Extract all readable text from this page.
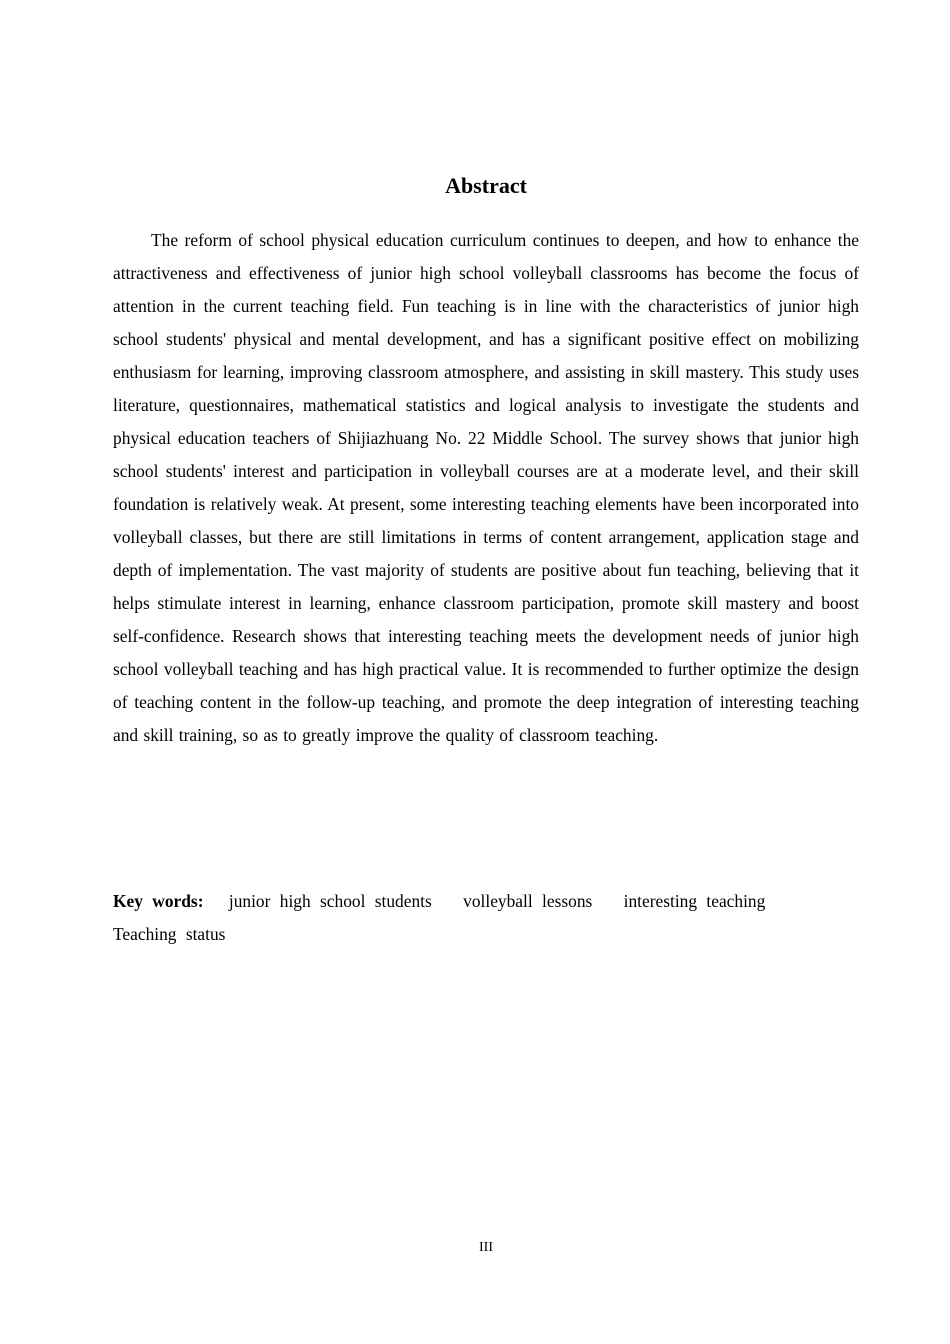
Abstract

The reform of school physical education curriculum continues to deepen, and how to enhance the attractiveness and effectiveness of junior high school volleyball classrooms has become the focus of attention in the current teaching field. Fun teaching is in line with the characteristics of junior high school students' physical and mental development, and has a significant positive effect on mobilizing enthusiasm for learning, improving classroom atmosphere, and assisting in skill mastery. This study uses literature, questionnaires, mathematical statistics and logical analysis to investigate the students and physical education teachers of Shijiazhuang No. 22 Middle School. The survey shows that junior high school students' interest and participation in volleyball courses are at a moderate level, and their skill foundation is relatively weak. At present, some interesting teaching elements have been incorporated into volleyball classes, but there are still limitations in terms of content arrangement, application stage and depth of implementation. The vast majority of students are positive about fun teaching, believing that it helps stimulate interest in learning, enhance classroom participation, promote skill mastery and boost self-confidence. Research shows that interesting teaching meets the development needs of junior high school volleyball teaching and has high practical value. It is recommended to further optimize the design of teaching content in the follow-up teaching, and promote the deep integration of interesting teaching and skill training, so as to greatly improve the quality of classroom teaching.

Key words: junior high school students volleyball lessons interesting teaching Teaching status

III
